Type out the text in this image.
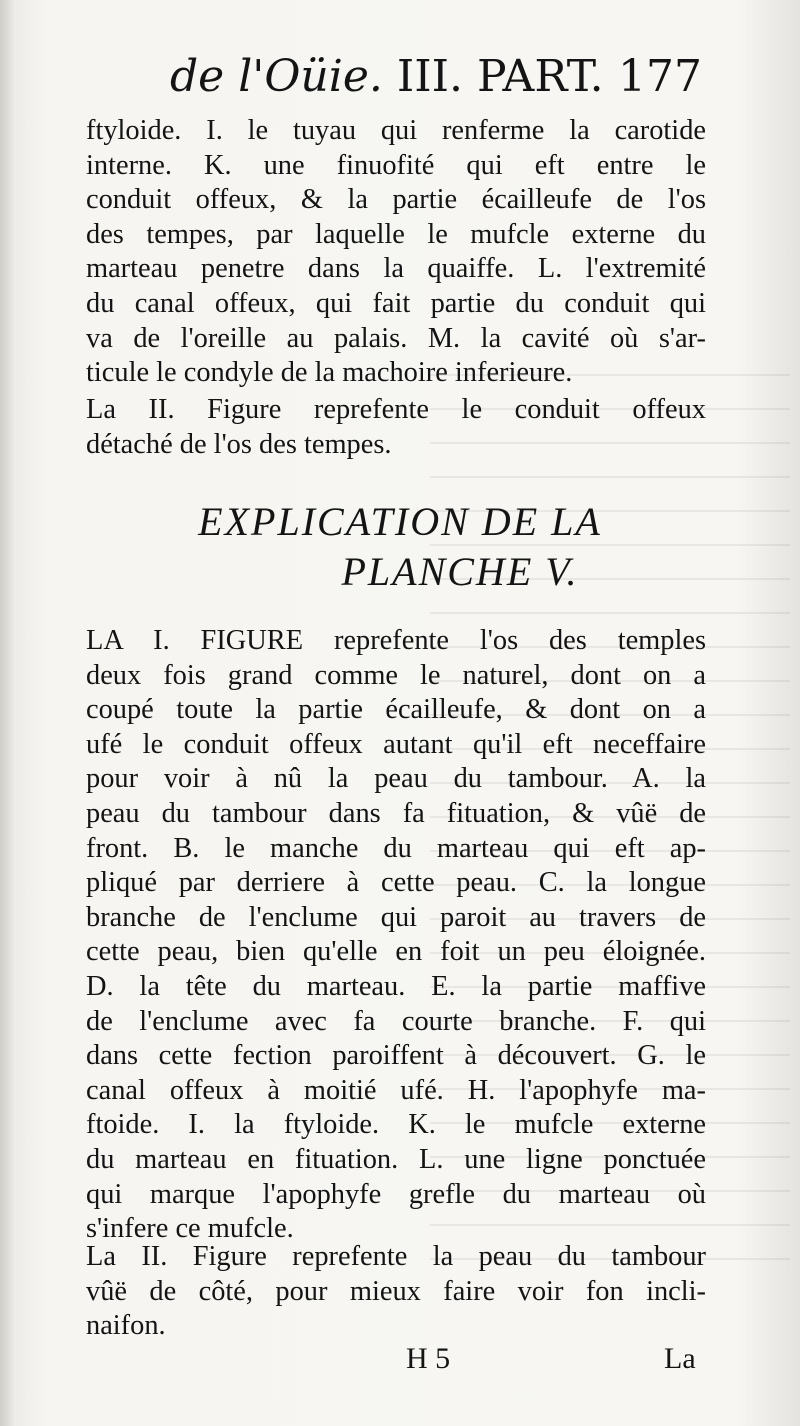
de l'Oüie. III. PART. 177
ftyloide. I. le tuyau qui renferme la carotide
interne. K. une finuofité qui eft entre le
conduit offeux, & la partie écailleufe de l'os
des tempes, par laquelle le mufcle externe du
marteau penetre dans la quaiffe. L. l'extremité
du canal offeux, qui fait partie du conduit qui
va de l'oreille au palais. M. la cavité où s'ar-
ticule le condyle de la machoire inferieure.
La II. Figure reprefente le conduit offeux
détaché de l'os des tempes.
EXPLICATION DE LA
PLANCHE V.
LA I. FIGURE reprefente l'os des temples
deux fois grand comme le naturel, dont on a
coupé toute la partie écailleufe, & dont on a
ufé le conduit offeux autant qu'il eft neceffaire
pour voir à nû la peau du tambour. A. la
peau du tambour dans fa fituation, & vûë de
front. B. le manche du marteau qui eft ap-
pliqué par derriere à cette peau. C. la longue
branche de l'enclume qui paroit au travers de
cette peau, bien qu'elle en foit un peu éloignée.
D. la tête du marteau. E. la partie maffive
de l'enclume avec fa courte branche. F. qui
dans cette fection paroiffent à découvert. G. le
canal offeux à moitié ufé. H. l'apophyfe ma-
ftoide. I. la ftyloide. K. le mufcle externe
du marteau en fituation. L. une ligne ponctuée
qui marque l'apophyfe grefle du marteau où
s'infere ce mufcle.
La II. Figure reprefente la peau du tambour
vûë de côté, pour mieux faire voir fon incli-
naifon.
H 5	La
